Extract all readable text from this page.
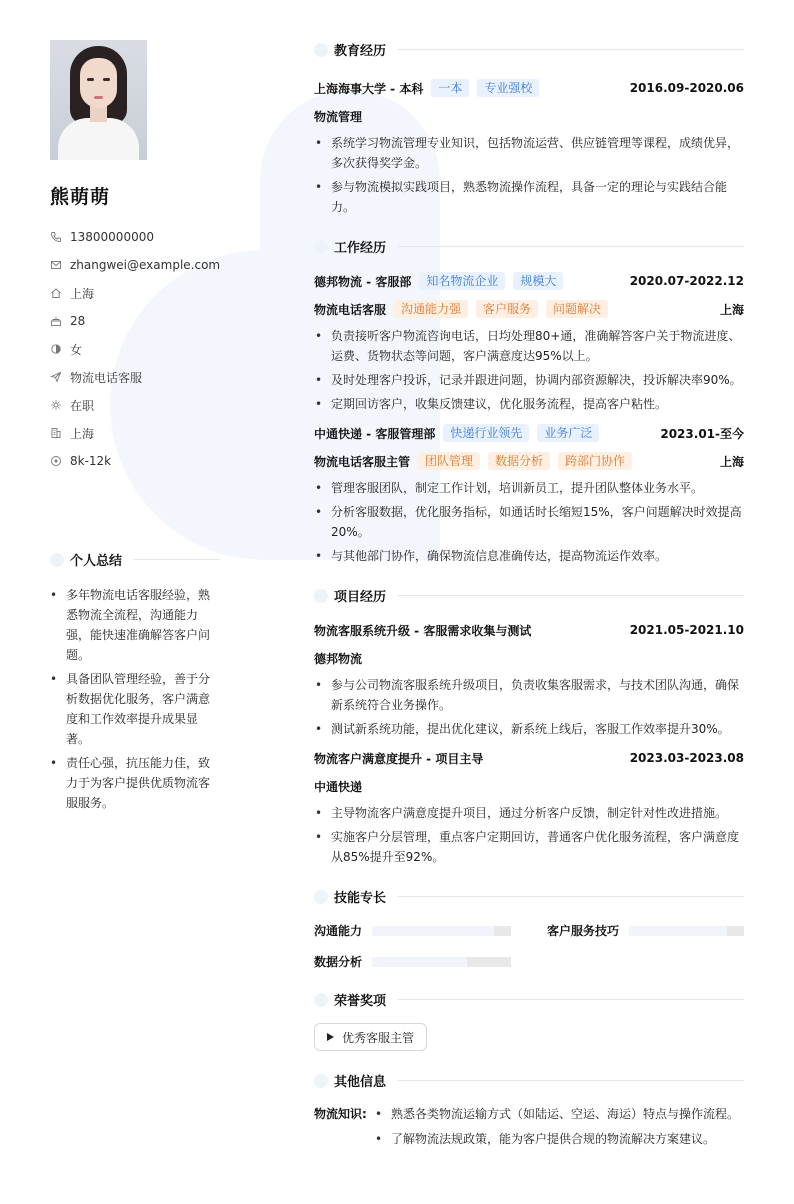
熊萌萌
13800000000
zhangwei@example.com
上海
28
女
物流电话客服
在职
上海
8k-12k
个人总结
• 多年物流电话客服经验，熟悉物流全流程，沟通能力强，能快速准确解答客户问题。
• 具备团队管理经验，善于分析数据优化服务，客户满意度和工作效率提升成果显著。
• 责任心强，抗压能力佳，致力于为客户提供优质物流客服服务。
教育经历
上海海事大学 - 本科	一本	专业强校	2016.09-2020.06
物流管理
• 系统学习物流管理专业知识，包括物流运营、供应链管理等课程，成绩优异，多次获得奖学金。
• 参与物流模拟实践项目，熟悉物流操作流程，具备一定的理论与实践结合能力。
工作经历
德邦物流 - 客服部	知名物流企业	规模大	2020.07-2022.12
物流电话客服	沟通能力强	客户服务	问题解决	上海
• 负责接听客户物流咨询电话，日均处理80+通，准确解答客户关于物流进度、运费、货物状态等问题，客户满意度达95%以上。
• 及时处理客户投诉，记录并跟进问题，协调内部资源解决，投诉解决率90%。
• 定期回访客户，收集反馈建议，优化服务流程，提高客户粘性。
中通快递 - 客服管理部	快递行业领先	业务广泛	2023.01-至今
物流电话客服主管	团队管理	数据分析	跨部门协作	上海
• 管理客服团队，制定工作计划，培训新员工，提升团队整体业务水平。
• 分析客服数据，优化服务指标，如通话时长缩短15%，客户问题解决时效提高20%。
• 与其他部门协作，确保物流信息准确传达，提高物流运作效率。
项目经历
物流客服系统升级 - 客服需求收集与测试	2021.05-2021.10
德邦物流
• 参与公司物流客服系统升级项目，负责收集客服需求，与技术团队沟通，确保新系统符合业务操作。
• 测试新系统功能，提出优化建议，新系统上线后，客服工作效率提升30%。
物流客户满意度提升 - 项目主导	2023.03-2023.08
中通快递
• 主导物流客户满意度提升项目，通过分析客户反馈，制定针对性改进措施。
• 实施客户分层管理，重点客户定期回访，普通客户优化服务流程，客户满意度从85%提升至92%。
技能专长
沟通能力	客户服务技巧
数据分析
荣誉奖项
优秀客服主管
其他信息
物流知识:
•	熟悉各类物流运输方式（如陆运、空运、海运）特点与操作流程。
• 了解物流法规政策，能为客户提供合规的物流解决方案建议。
